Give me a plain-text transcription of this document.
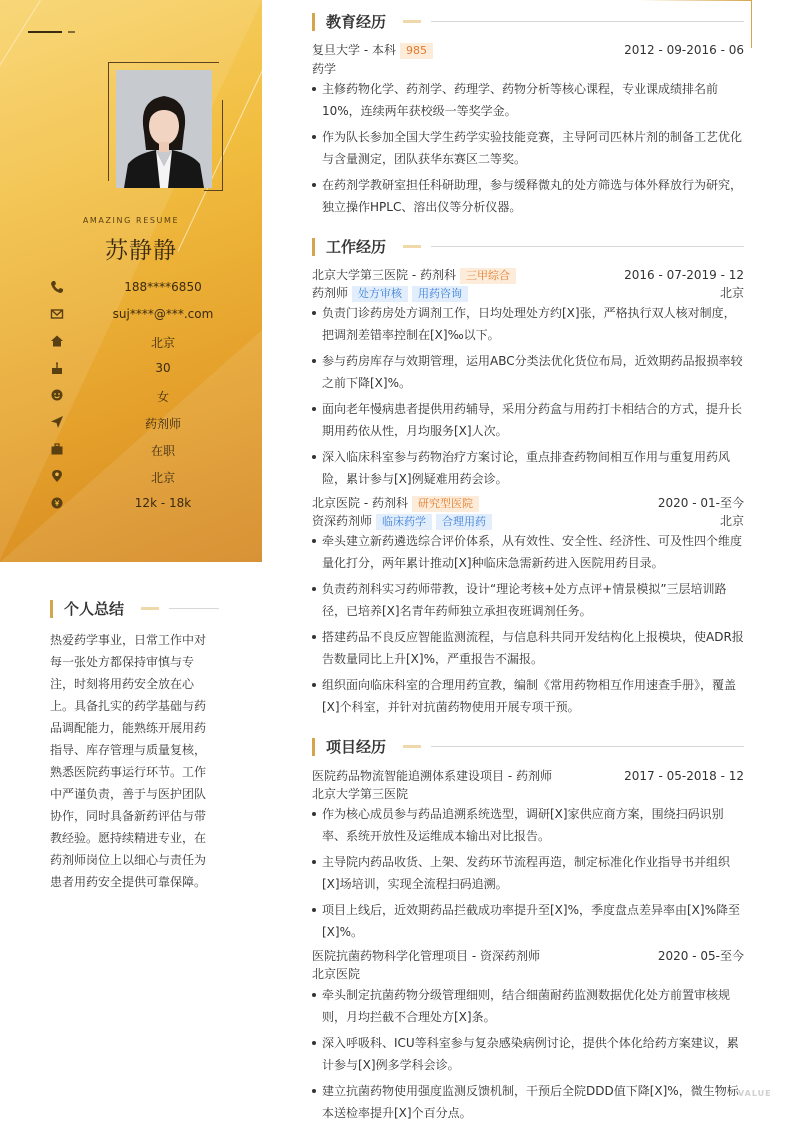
AMAZING RESUME
苏静静
188****6850
suj****@***.com
北京
30
女
药剂师
在职
北京
12k - 18k
个人总结

热爱药学事业，日常工作中对每一张处方都保持审慎与专注，时刻将用药安全放在心上。具备扎实的药学基础与药品调配能力，能熟练开展用药指导、库存管理与质量复核，熟悉医院药事运行环节。工作中严谨负责，善于与医护团队协作，同时具备新药评估与带教经验。愿持续精进专业，在药剂师岗位上以细心与责任为患者用药安全提供可靠保障。

教育经历
复旦大学 - 本科 985	2012 - 09-2016 - 06
药学
主修药物化学、药剂学、药理学、药物分析等核心课程，专业课成绩排名前10%，连续两年获校级一等奖学金。
作为队长参加全国大学生药学实验技能竞赛，主导阿司匹林片剂的制备工艺优化与含量测定，团队获华东赛区二等奖。
在药剂学教研室担任科研助理，参与缓释微丸的处方筛选与体外释放行为研究，独立操作HPLC、溶出仪等分析仪器。
工作经历
北京大学第三医院 - 药剂科 三甲综合	2016 - 07-2019 - 12
药剂师 处方审核 用药咨询	北京
负责门诊药房处方调剂工作，日均处理处方约[X]张，严格执行双人核对制度，把调剂差错率控制在[X]‰以下。
参与药房库存与效期管理，运用ABC分类法优化货位布局，近效期药品报损率较之前下降[X]%。
面向老年慢病患者提供用药辅导，采用分药盒与用药打卡相结合的方式，提升长期用药依从性，月均服务[X]人次。
深入临床科室参与药物治疗方案讨论，重点排查药物间相互作用与重复用药风险，累计参与[X]例疑难用药会诊。
北京医院 - 药剂科 研究型医院	2020 - 01-至今
资深药剂师 临床药学 合理用药	北京
牵头建立新药遴选综合评价体系，从有效性、安全性、经济性、可及性四个维度量化打分，两年累计推动[X]种临床急需新药进入医院用药目录。
负责药剂科实习药师带教，设计“理论考核+处方点评+情景模拟”三层培训路径，已培养[X]名青年药师独立承担夜班调剂任务。
搭建药品不良反应智能监测流程，与信息科共同开发结构化上报模块，使ADR报告数量同比上升[X]%，严重报告不漏报。
组织面向临床科室的合理用药宣教，编制《常用药物相互作用速查手册》，覆盖[X]个科室，并针对抗菌药物使用开展专项干预。
项目经历
医院药品物流智能追溯体系建设项目 - 药剂师	2017 - 05-2018 - 12
北京大学第三医院
作为核心成员参与药品追溯系统选型，调研[X]家供应商方案，围绕扫码识别率、系统开放性及运维成本输出对比报告。
主导院内药品收货、上架、发药环节流程再造，制定标准化作业指导书并组织[X]场培训，实现全流程扫码追溯。
项目上线后，近效期药品拦截成功率提升至[X]%，季度盘点差异率由[X]%降至[X]%。
医院抗菌药物科学化管理项目 - 资深药剂师	2020 - 05-至今
北京医院
牵头制定抗菌药物分级管理细则，结合细菌耐药监测数据优化处方前置审核规则，月均拦截不合理处方[X]条。
深入呼吸科、ICU等科室参与复杂感染病例讨论，提供个体化给药方案建议，累计参与[X]例多学科会诊。
建立抗菌药物使用强度监测反馈机制，干预后全院DDD值下降[X]%，微生物标本送检率提升[X]个百分点。
VALUE
